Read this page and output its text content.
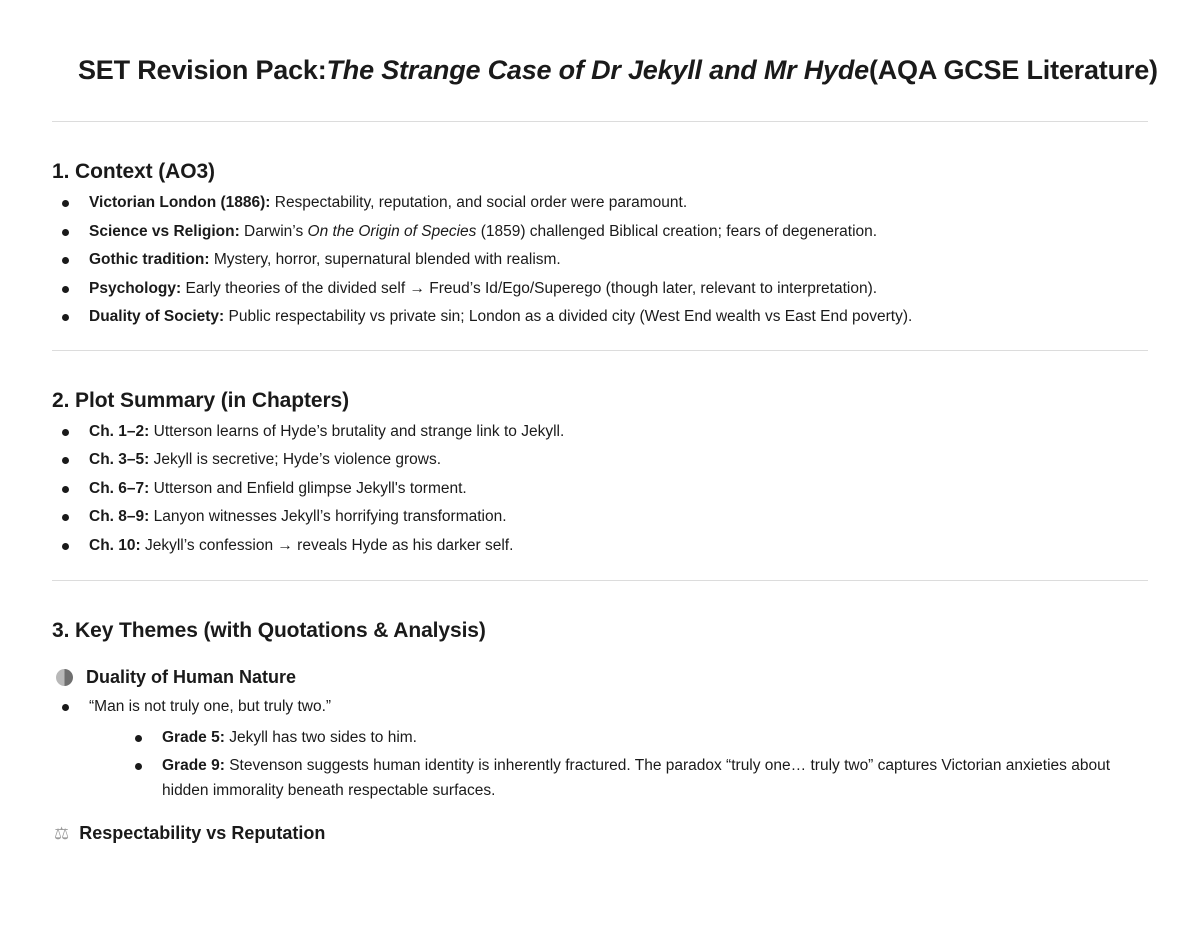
SET Revision Pack: The Strange Case of Dr Jekyll and Mr Hyde (AQA GCSE Literature)
1. Context (AO3)
Victorian London (1886): Respectability, reputation, and social order were paramount.
Science vs Religion: Darwin’s On the Origin of Species (1859) challenged Biblical creation; fears of degeneration.
Gothic tradition: Mystery, horror, supernatural blended with realism.
Psychology: Early theories of the divided self → Freud’s Id/Ego/Superego (though later, relevant to interpretation).
Duality of Society: Public respectability vs private sin; London as a divided city (West End wealth vs East End poverty).
2. Plot Summary (in Chapters)
Ch. 1–2: Utterson learns of Hyde’s brutality and strange link to Jekyll.
Ch. 3–5: Jekyll is secretive; Hyde’s violence grows.
Ch. 6–7: Utterson and Enfield glimpse Jekyll's torment.
Ch. 8–9: Lanyon witnesses Jekyll’s horrifying transformation.
Ch. 10: Jekyll’s confession → reveals Hyde as his darker self.
3. Key Themes (with Quotations & Analysis)
Duality of Human Nature
“Man is not truly one, but truly two.”
Grade 5: Jekyll has two sides to him.
Grade 9: Stevenson suggests human identity is inherently fractured. The paradox “truly one… truly two” captures Victorian anxieties about hidden immorality beneath respectable surfaces.
⚖ Respectability vs Reputation
